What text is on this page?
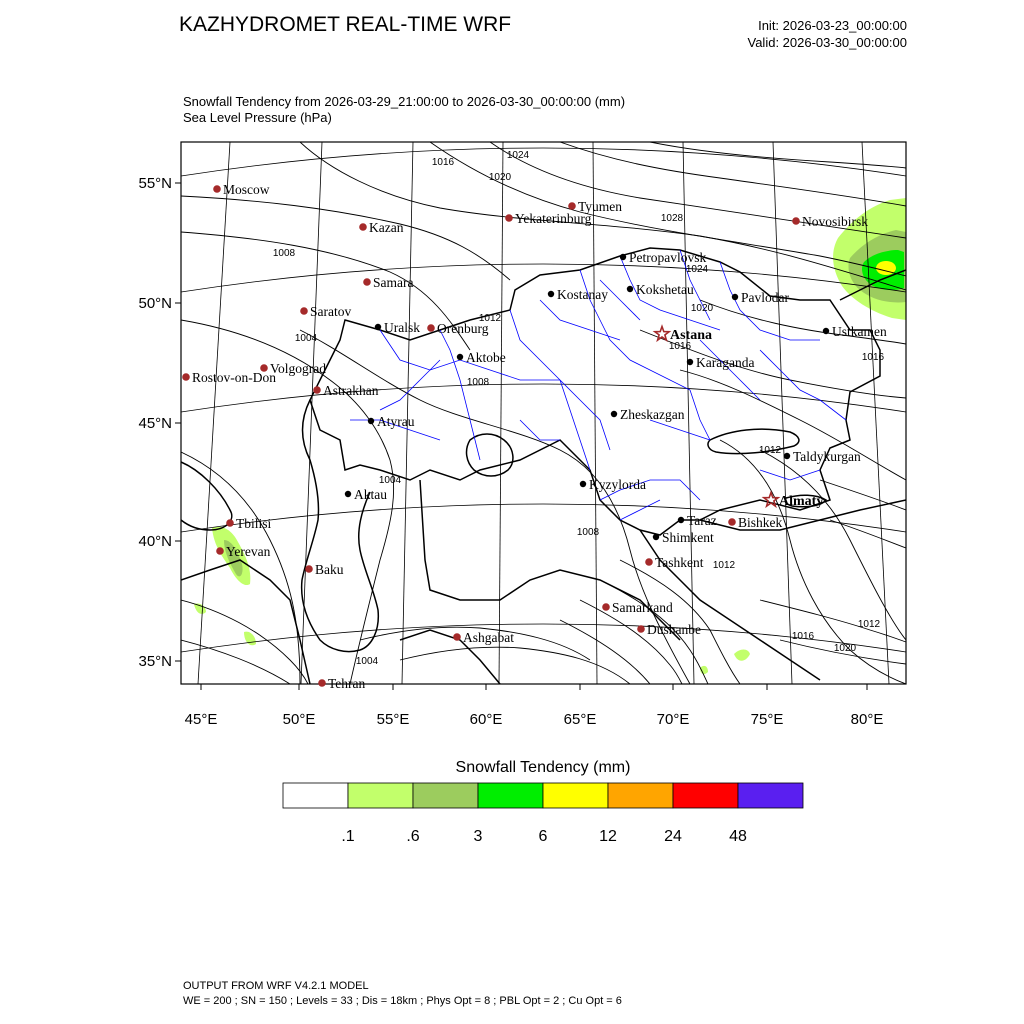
KAZHYDROMET REAL-TIME WRF	Init: 2026-03-23_00:00:00
Valid: 2026-03-30_00:00:00
Snowfall Tendency from 2026-03-29_21:00:00 to 2026-03-30_00:00:00 (mm)
Sea Level Pressure (hPa)
1016
1024
1020
1028
1008
1024
1020
1012
1004
1016
1008
1016
1012
1004
1008
1012
1016
1012
1020
1004
Moscow
Kazan
Samara
Saratov
Volgograd
Rostov-on-Don
Astrakhan
Orenburg
Yekaterinburg
Tyumen
Novosibirsk
Tbilisi
Yerevan
Baku
Ashgabat
Tehran
Tashkent
Samarkand
Dushanbe
Bishkek
Petropavlovsk
Kostanay Kokshetau
Pavlodar
Uralsk
Aktobe	Karaganda
Ustkamen
Atyrau	Zheskazgan
Aktau
Kyzylorda
Taldykurgan
Taraz
Shimkent
Astana
Almaty
55°N
50°N
45°N
40°N
35°N
45°E	50°E	55°E	60°E	65°E	70°E	75°E	80°E
.1	.6	3	6	12	24	48
Snowfall Tendency (mm)
OUTPUT FROM WRF V4.2.1 MODEL
WE = 200 ; SN = 150 ; Levels = 33 ; Dis = 18km ; Phys Opt = 8 ; PBL Opt = 2 ; Cu Opt = 6
